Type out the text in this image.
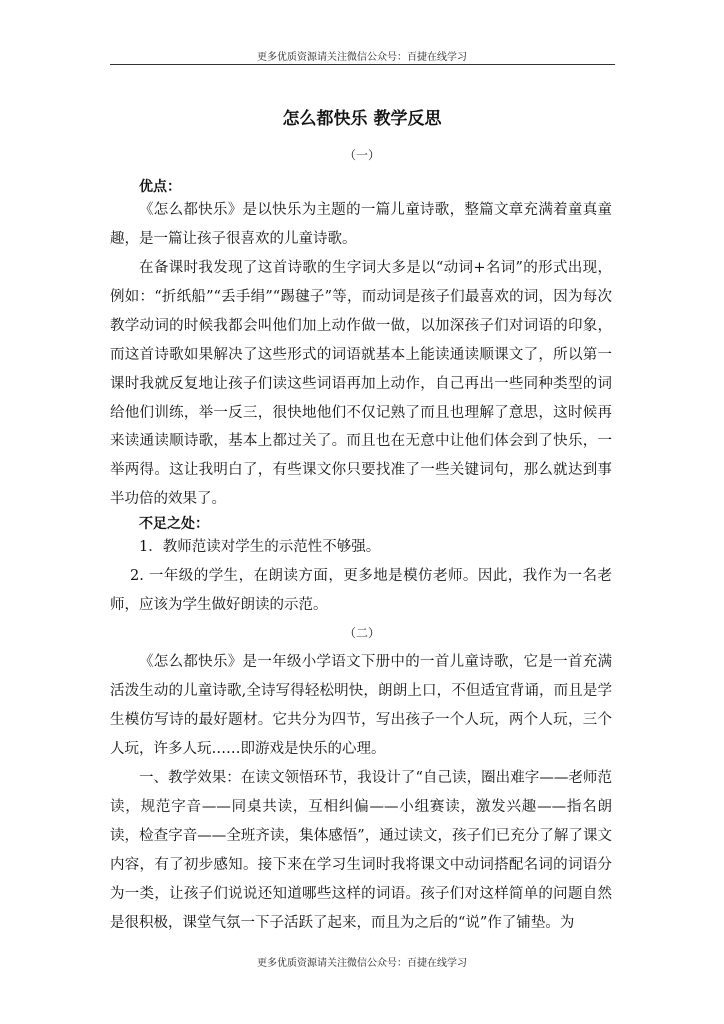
更多优质资源请关注微信公众号：百捷在线学习
怎么都快乐 教学反思
（一）
优点：
《怎么都快乐》是以快乐为主题的一篇儿童诗歌，整篇文章充满着童真童趣，是一篇让孩子很喜欢的儿童诗歌。
在备课时我发现了这首诗歌的生字词大多是以“动词+名词”的形式出现，例如：“折纸船”“丢手绢”“踢毽子”等，而动词是孩子们最喜欢的词，因为每次教学动词的时候我都会叫他们加上动作做一做，以加深孩子们对词语的印象，而这首诗歌如果解决了这些形式的词语就基本上能读通读顺课文了，所以第一课时我就反复地让孩子们读这些词语再加上动作，自己再出一些同种类型的词给他们训练，举一反三，很快地他们不仅记熟了而且也理解了意思，这时候再来读通读顺诗歌，基本上都过关了。而且也在无意中让他们体会到了快乐，一举两得。这让我明白了，有些课文你只要找准了一些关键词句，那么就达到事半功倍的效果了。
不足之处：
1．教师范读对学生的示范性不够强。
2. 一年级的学生，在朗读方面，更多地是模仿老师。因此，我作为一名老师，应该为学生做好朗读的示范。
（二）
《怎么都快乐》是一年级小学语文下册中的一首儿童诗歌，它是一首充满活泼生动的儿童诗歌,全诗写得轻松明快，朗朗上口，不但适宜背诵，而且是学生模仿写诗的最好题材。它共分为四节，写出孩子一个人玩，两个人玩，三个人玩，许多人玩……即游戏是快乐的心理。
一、教学效果：在读文领悟环节，我设计了“自己读，圈出难字——老师范读，规范字音——同桌共读，互相纠偏——小组赛读，激发兴趣——指名朗读，检查字音——全班齐读，集体感悟”，通过读文，孩子们已充分了解了课文内容，有了初步感知。接下来在学习生词时我将课文中动词搭配名词的词语分为一类，让孩子们说说还知道哪些这样的词语。孩子们对这样简单的问题自然是很积极，课堂气氛一下子活跃了起来，而且为之后的“说”作了铺垫。为
更多优质资源请关注微信公众号：百捷在线学习
